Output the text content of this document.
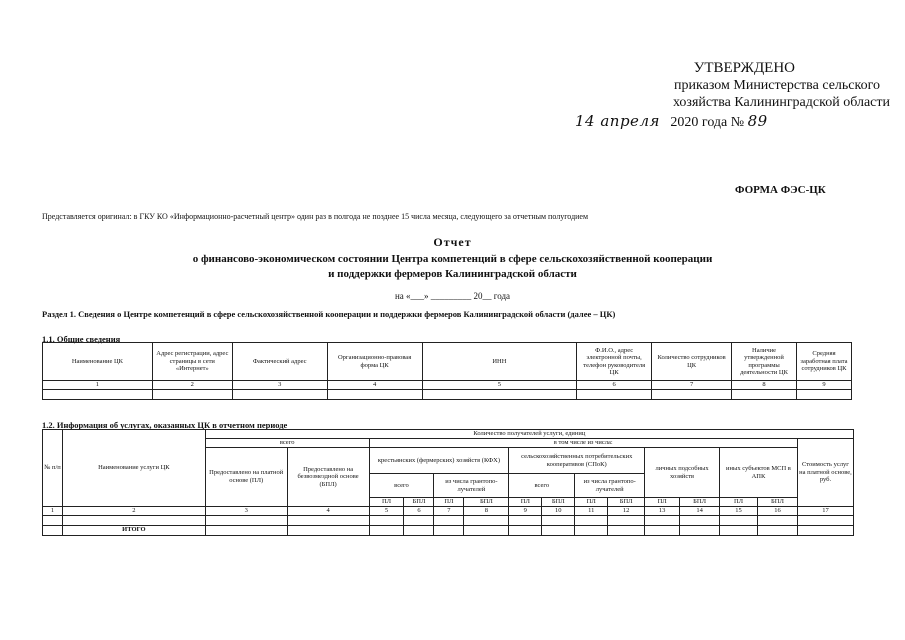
УТВЕРЖДЕНО
приказом Министерства сельского
хозяйства Калининградской области
14 апреля 2020 года № 89
ФОРМА ФЭС-ЦК
Представляется оригинал: в ГКУ КО «Информационно-расчетный центр» один раз в полгода не позднее 15 числа месяца, следующего за отчетным полугодием
Отчет
о финансово-экономическом состоянии Центра компетенций в сфере сельскохозяйственной кооперации
и поддержки фермеров Калининградской области
на «___» _________ 20__ года
Раздел 1. Сведения о Центре компетенций в сфере сельскохозяйственной кооперации и поддержки фермеров Калининградской области (далее – ЦК)
1.1. Общие сведения
Наименование ЦК	Адрес регистрации, адрес страницы в сети «Интернет»	Фактический адрес	Организационно-правовая форма ЦК	ИНН	Ф.И.О., адрес электронной почты, телефон руководителя ЦК	Количество сотрудников ЦК	Наличие утвержденной программы деятельности ЦК	Средняя заработная плата сотрудников ЦК
1	2	3	4	5	6	7	8	9

1.2. Информация об услугах, оказанных ЦК в отчетном периоде
№ п/п	Наименование услуги ЦК	Количество получателей услуги, единиц														
		всего		в том числе из числа:												Стоимость услуг на платной основе, руб.
		Предоставлено на платной основе (ПЛ)	Предоставлено на безвозмездной основе (БПЛ)	крестьянских (фермерских) хозяйств (КФХ)				сельскохозяйственных потребительских кооперативов (СПоК)				личных подсобных хозяйств		иных субъектов МСП в АПК		
				всего		из числа грантопо-лучателей		всего		из числа грантопо-лучателей						
				ПЛ	БПЛ	ПЛ	БПЛ	ПЛ	БПЛ	ПЛ	БПЛ	ПЛ	БПЛ	ПЛ	БПЛ	
1	2	3	4	5	6	7	8	9	10	11	12	13	14	15	16	17

	ИТОГО															
